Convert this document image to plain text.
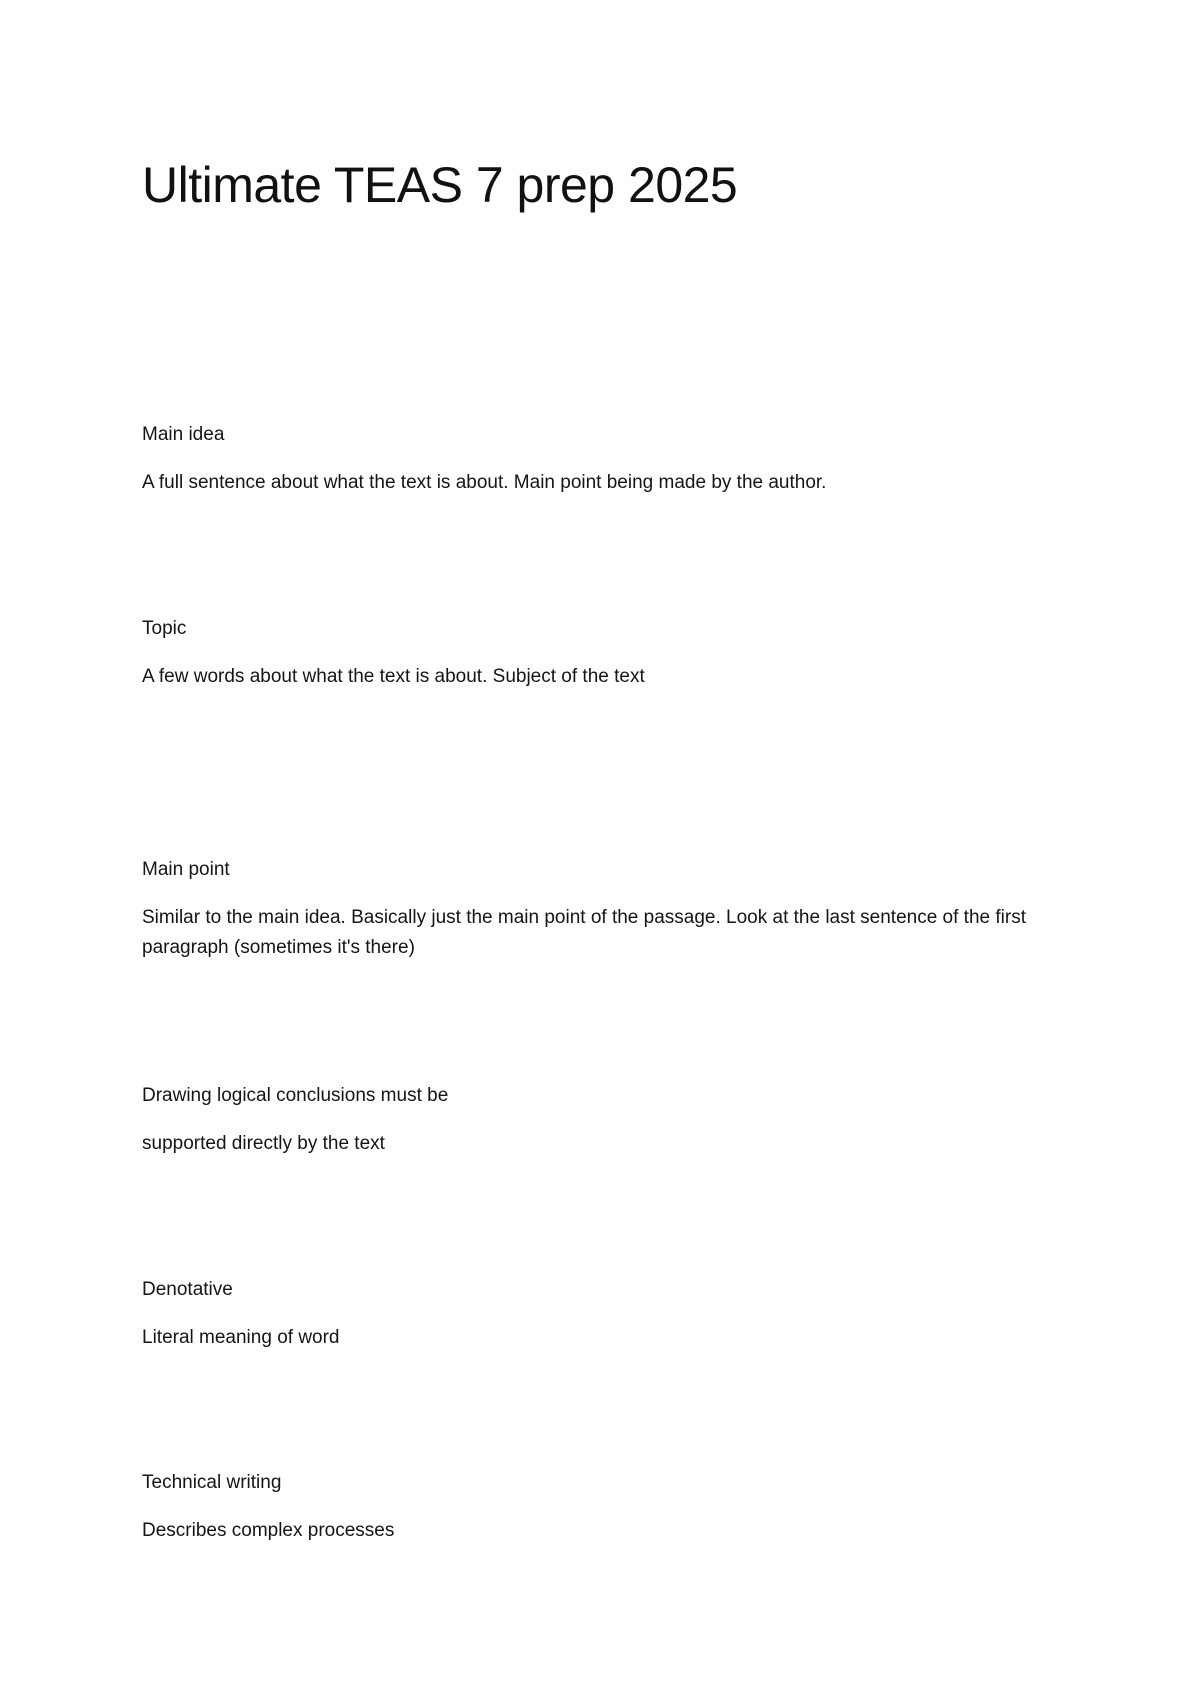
Ultimate TEAS 7 prep 2025

Main idea

A full sentence about what the text is about. Main point being made by the author.

Topic

A few words about what the text is about. Subject of the text

Main point

Similar to the main idea. Basically just the main point of the passage. Look at the last sentence of the first paragraph (sometimes it's there)

Drawing logical conclusions must be

supported directly by the text

Denotative

Literal meaning of word

Technical writing

Describes complex processes
